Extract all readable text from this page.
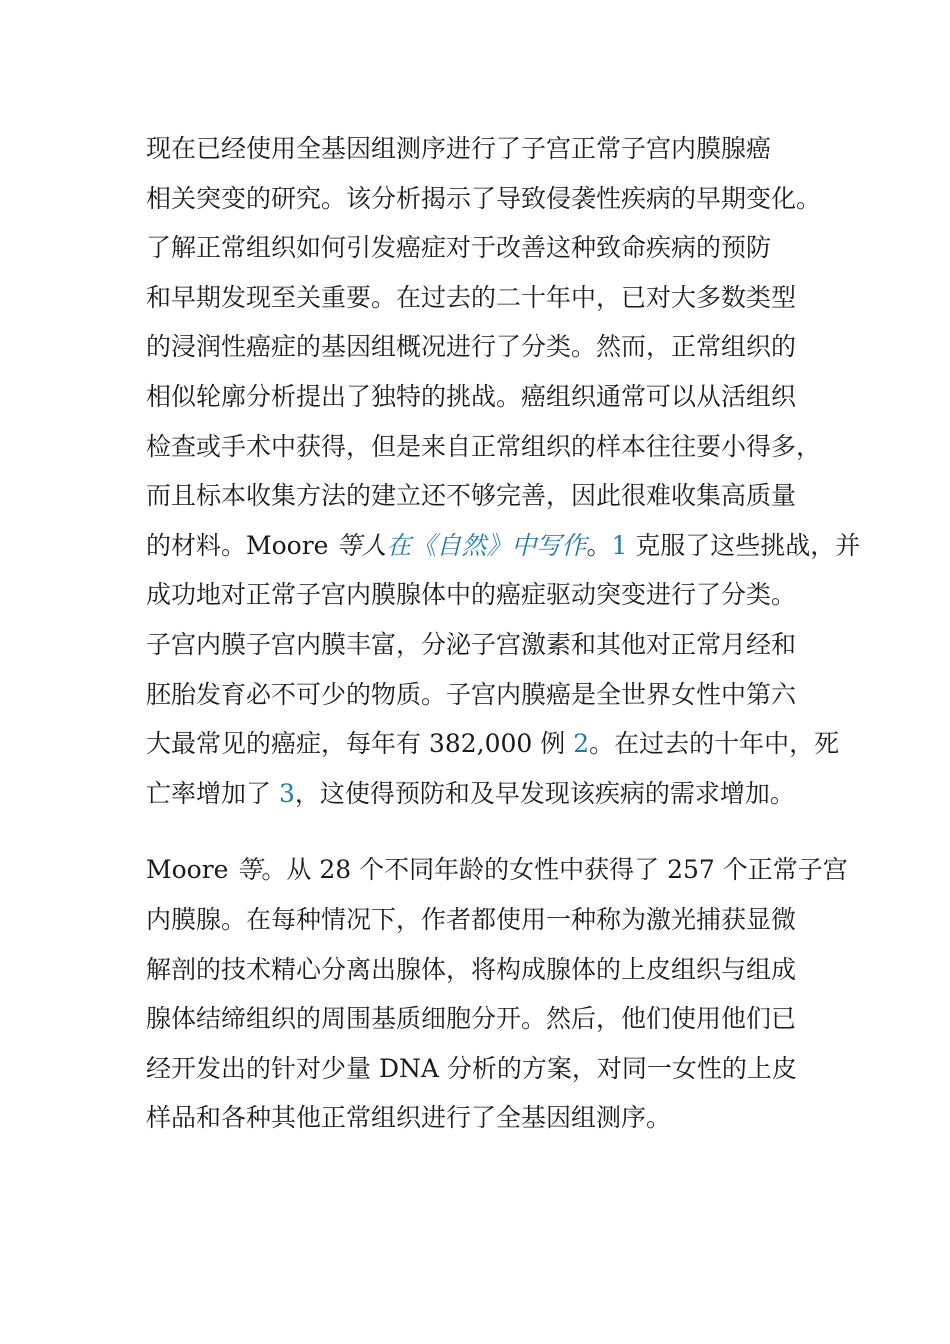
现在已经使用全基因组测序进行了子宫正常子宫内膜腺癌
相关突变的研究。该分析揭示了导致侵袭性疾病的早期变化。
了解正常组织如何引发癌症对于改善这种致命疾病的预防
和早期发现至关重要。在过去的二十年中，已对大多数类型
的浸润性癌症的基因组概况进行了分类。然而，正常组织的
相似轮廓分析提出了独特的挑战。癌组织通常可以从活组织
检查或手术中获得，但是来自正常组织的样本往往要小得多，
而且标本收集方法的建立还不够完善，因此很难收集高质量
的材料。Moore 等人在《自然》中写作。1 克服了这些挑战，并
成功地对正常子宫内膜腺体中的癌症驱动突变进行了分类。
子宫内膜子宫内膜丰富，分泌子宫激素和其他对正常月经和
胚胎发育必不可少的物质。子宫内膜癌是全世界女性中第六
大最常见的癌症，每年有 382,000 例 2。在过去的十年中，死
亡率增加了 3，这使得预防和及早发现该疾病的需求增加。
Moore 等。从 28 个不同年龄的女性中获得了 257 个正常子宫
内膜腺。在每种情况下，作者都使用一种称为激光捕获显微
解剖的技术精心分离出腺体，将构成腺体的上皮组织与组成
腺体结缔组织的周围基质细胞分开。然后，他们使用他们已
经开发出的针对少量 DNA 分析的方案，对同一女性的上皮
样品和各种其他正常组织进行了全基因组测序。
